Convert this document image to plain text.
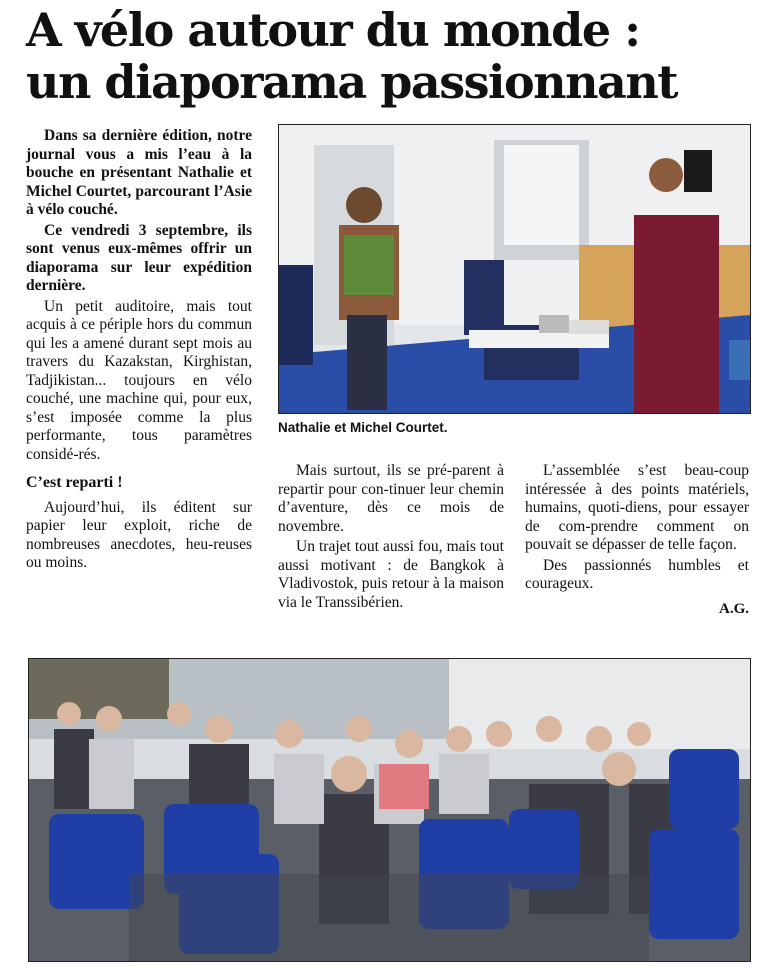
A vélo autour du monde :
un diaporama passionnant

Dans sa dernière édition, notre journal vous a mis l’eau à la bouche en présentant Nathalie et Michel Courtet, parcourant l’Asie à vélo couché.

Ce vendredi 3 septembre, ils sont venus eux-mêmes offrir un diaporama sur leur expédition dernière.

Un petit auditoire, mais tout acquis à ce périple hors du commun qui les a amené durant sept mois au travers du Kazakstan, Kirghistan, Tadjikistan... toujours en vélo couché, une machine qui, pour eux, s’est imposée comme la plus performante, tous paramètres considé-rés.

C’est reparti !

Aujourd’hui, ils éditent sur papier leur exploit, riche de nombreuses anecdotes, heu-reuses ou moins.

Nathalie et Michel Courtet.

Mais surtout, ils se pré-parent à repartir pour con-tinuer leur chemin d’aventure, dès ce mois de novembre.

Un trajet tout aussi fou, mais tout aussi motivant : de Bangkok à Vladivostok, puis retour à la maison via le Transsibérien.

L’assemblée s’est beau-coup intéressée à des points matériels, humains, quoti-diens, pour essayer de com-prendre comment on pouvait se dépasser de telle façon.

Des passionnés humbles et courageux.

A.G.
